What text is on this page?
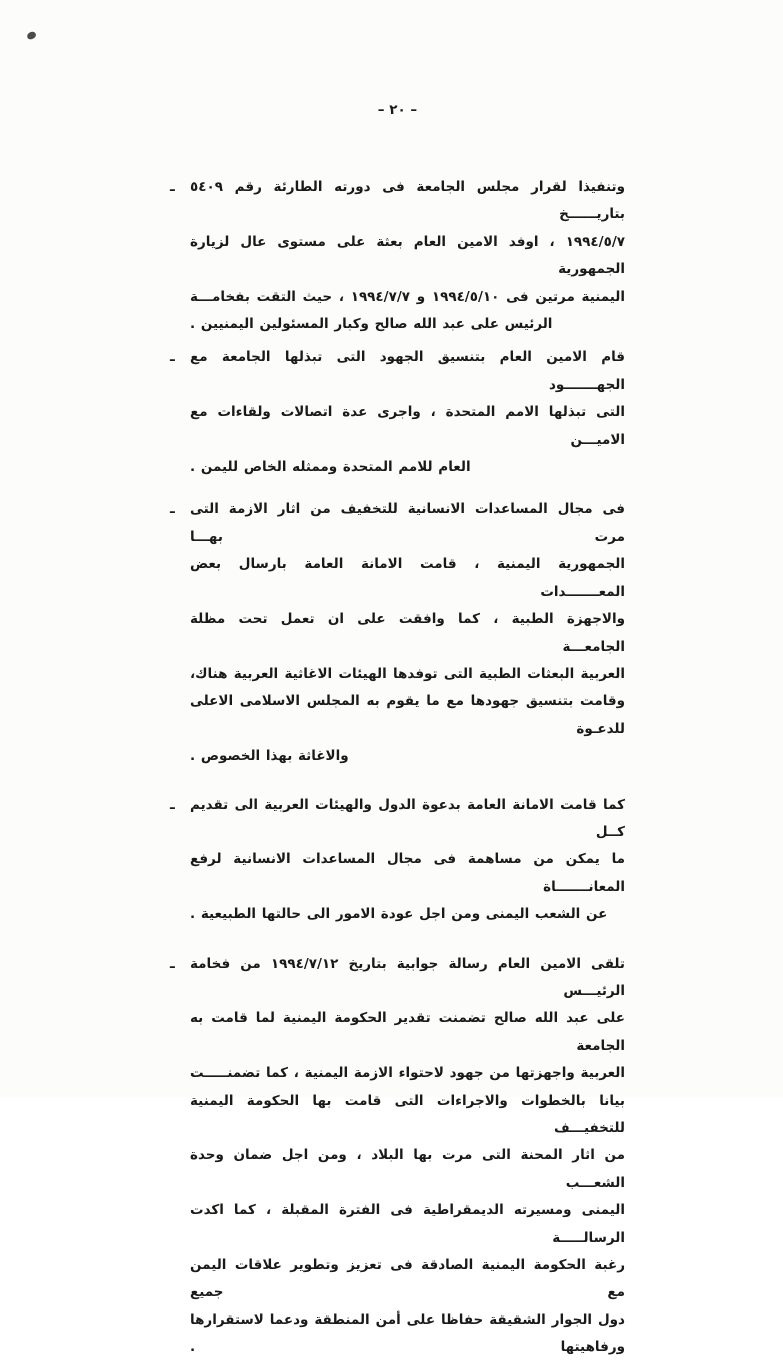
– ٢٠ –
ـ وتنفيذا لقرار مجلس الجامعة فى دورته الطارئة رقم ٥٤٠٩ بتاريــــــخ
١٩٩٤/٥/٧ ، اوفد الامين العام بعثة على مستوى عال لزيارة الجمهورية
اليمنية مرتين فى ١٩٩٤/٥/١٠ و ١٩٩٤/٧/٧ ، حيث التقت بفخامـــة
الرئيس على عبد الله صالح وكبار المسئولين اليمنيين .
ـ قام الامين العام بتنسيق الجهود التى تبذلها الجامعة مع الجهـــــــود
التى تبذلها الامم المتحدة ، واجرى عدة اتصالات ولقاءات مع الاميـــن
العام للامم المتحدة وممثله الخاص لليمن .
ـ فى مجال المساعدات الانسانية للتخفيف من اثار الازمة التى مرت بهـــا
الجمهورية اليمنية ، قامت الامانة العامة بارسال بعض المعـــــــدات
والاجهزة الطبية ، كما وافقت على ان تعمل تحت مظلة الجامعـــة
العربية البعثات الطبية التى توفدها الهيئات الاغاثية العربية هناك،
وقامت بتنسيق جهودها مع ما يقوم به المجلس الاسلامى الاعلى للدعـوة
والاغاثة بهذا الخصوص .
ـ كما قامت الامانة العامة بدعوة الدول والهيئات العربية الى تقديم كــل
ما يمكن من مساهمة فى مجال المساعدات الانسانية لرفع المعانـــــــاة
عن الشعب اليمنى ومن اجل عودة الامور الى حالتها الطبيعية .
ـ تلقى الامين العام رسالة جوابية بتاريخ ١٩٩٤/٧/١٢ من فخامة الرئيـــس
على عبد الله صالح تضمنت تقدير الحكومة اليمنية لما قامت به الجامعة
العربية واجهزتها من جهود لاحتواء الازمة اليمنية ، كما تضمنـــــت
بيانا بالخطوات والاجراءات التى قامت بها الحكومة اليمنية للتخفيـــف
من اثار المحنة التى مرت بها البلاد ، ومن اجل ضمان وحدة الشعـــب
اليمنى ومسيرته الديمقراطية فى الفترة المقبلة ، كما اكدت الرسالـــــة
رغبة الحكومة اليمنية الصادقة فى تعزيز وتطوير علاقات اليمن مع جميع
دول الجوار الشقيقة حفاظا على أمن المنطقة ودعما لاستقرارها ورفاهيتها .
